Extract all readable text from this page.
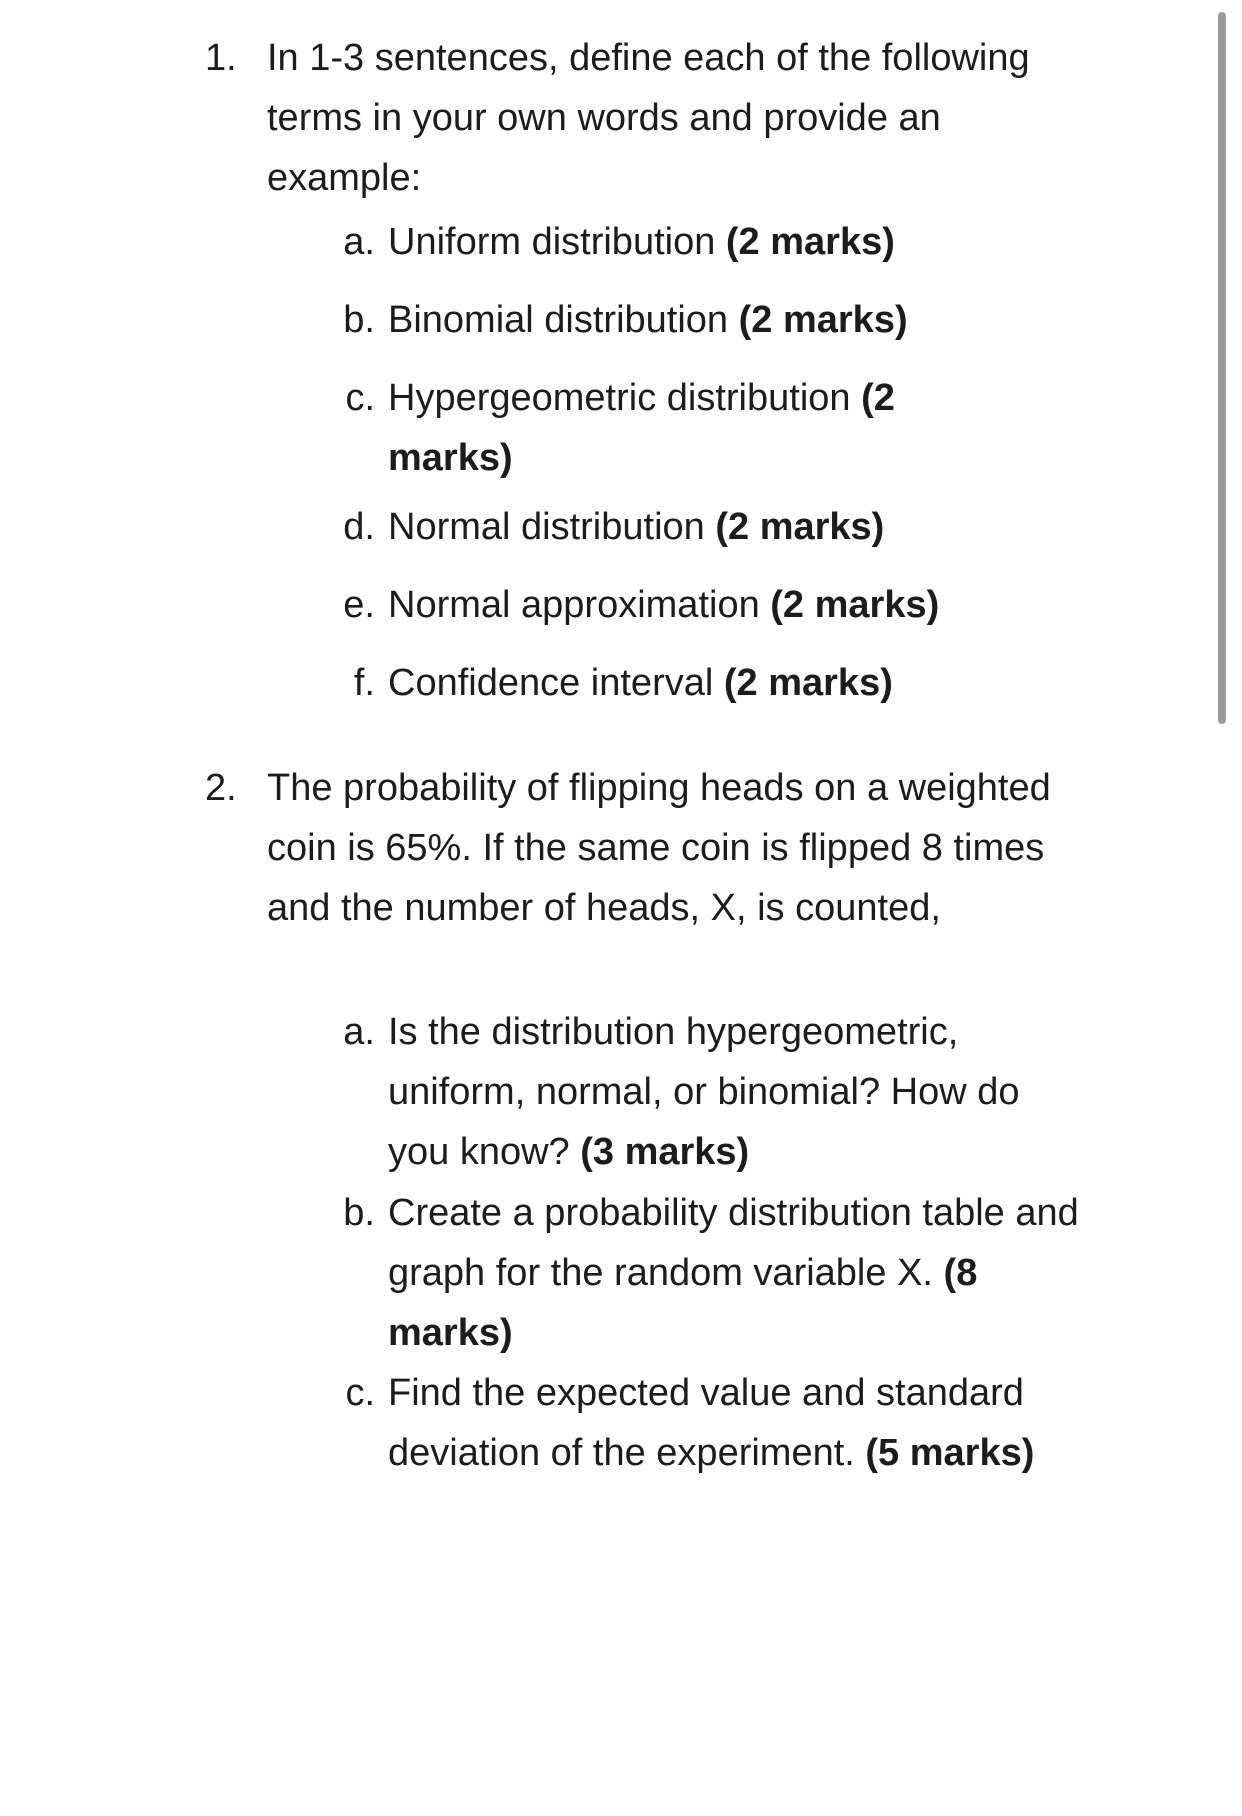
1. In 1-3 sentences, define each of the following terms in your own words and provide an example:
a. Uniform distribution (2 marks)
b. Binomial distribution (2 marks)
c. Hypergeometric distribution (2 marks)
d. Normal distribution (2 marks)
e. Normal approximation (2 marks)
f. Confidence interval (2 marks)
2. The probability of flipping heads on a weighted coin is 65%. If the same coin is flipped 8 times and the number of heads, X, is counted,
a. Is the distribution hypergeometric, uniform, normal, or binomial? How do you know? (3 marks)
b. Create a probability distribution table and graph for the random variable X. (8 marks)
c. Find the expected value and standard deviation of the experiment. (5 marks)
